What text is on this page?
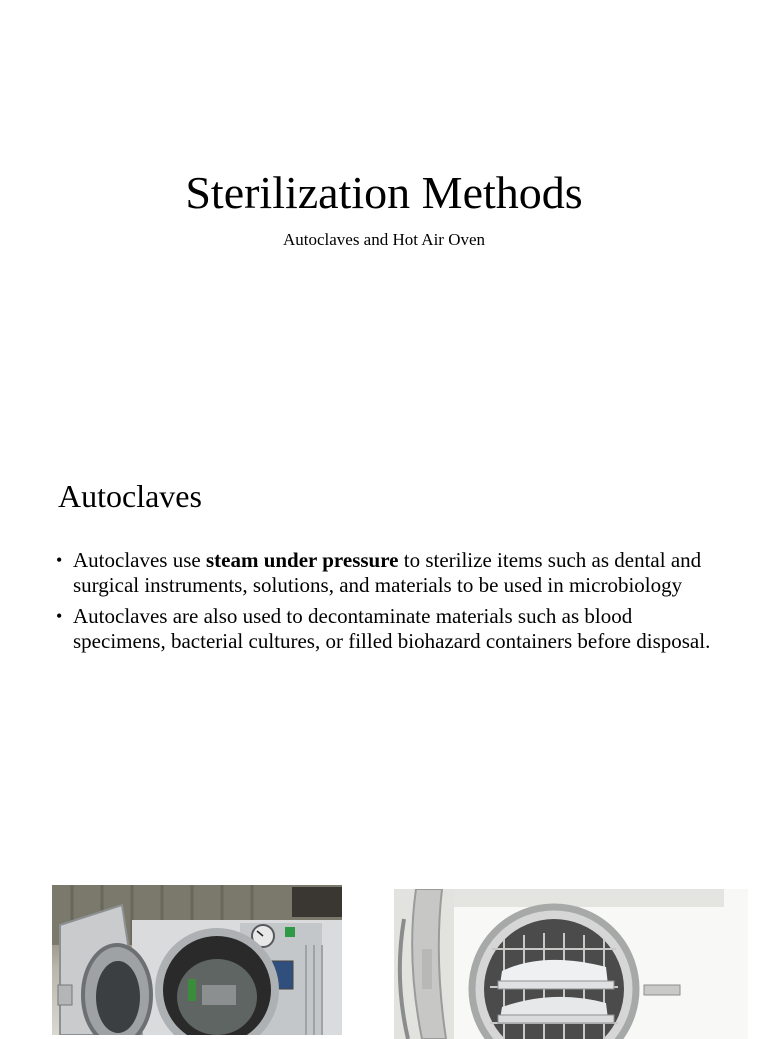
Sterilization Methods

Autoclaves and Hot Air Oven

Autoclaves
• Autoclaves use steam under pressure to sterilize items such as dental and surgical instruments, solutions, and materials to be used in microbiology
• Autoclaves are also used to decontaminate materials such as blood specimens, bacterial cultures, or filled biohazard containers before disposal.
